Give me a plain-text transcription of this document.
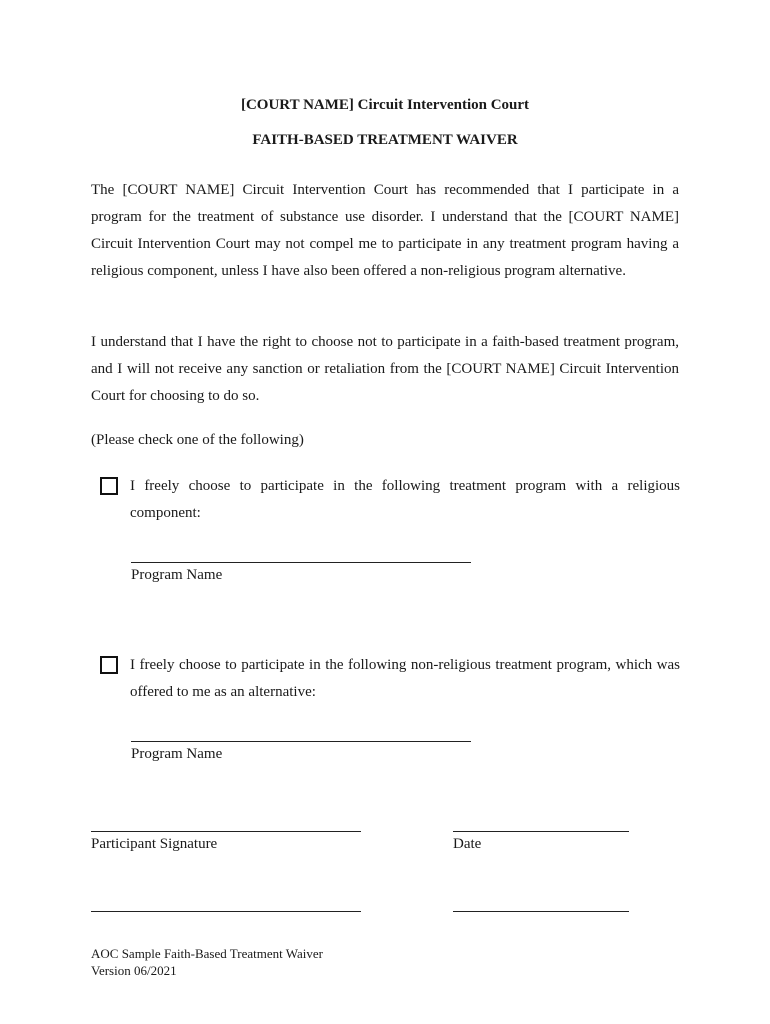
[COURT NAME] Circuit Intervention Court
FAITH-BASED TREATMENT WAIVER

The [COURT NAME] Circuit Intervention Court has recommended that I participate in a program for the treatment of substance use disorder. I understand that the [COURT NAME] Circuit Intervention Court may not compel me to participate in any treatment program having a religious component, unless I have also been offered a non-religious program alternative.

I understand that I have the right to choose not to participate in a faith-based treatment program, and I will not receive any sanction or retaliation from the [COURT NAME] Circuit Intervention Court for choosing to do so.

(Please check one of the following)

I freely choose to participate in the following treatment program with a religious component:

Program Name

I freely choose to participate in the following non-religious treatment program, which was offered to me as an alternative:

Program Name
Participant Signature	Date
AOC Sample Faith-Based Treatment Waiver
Version 06/2021
